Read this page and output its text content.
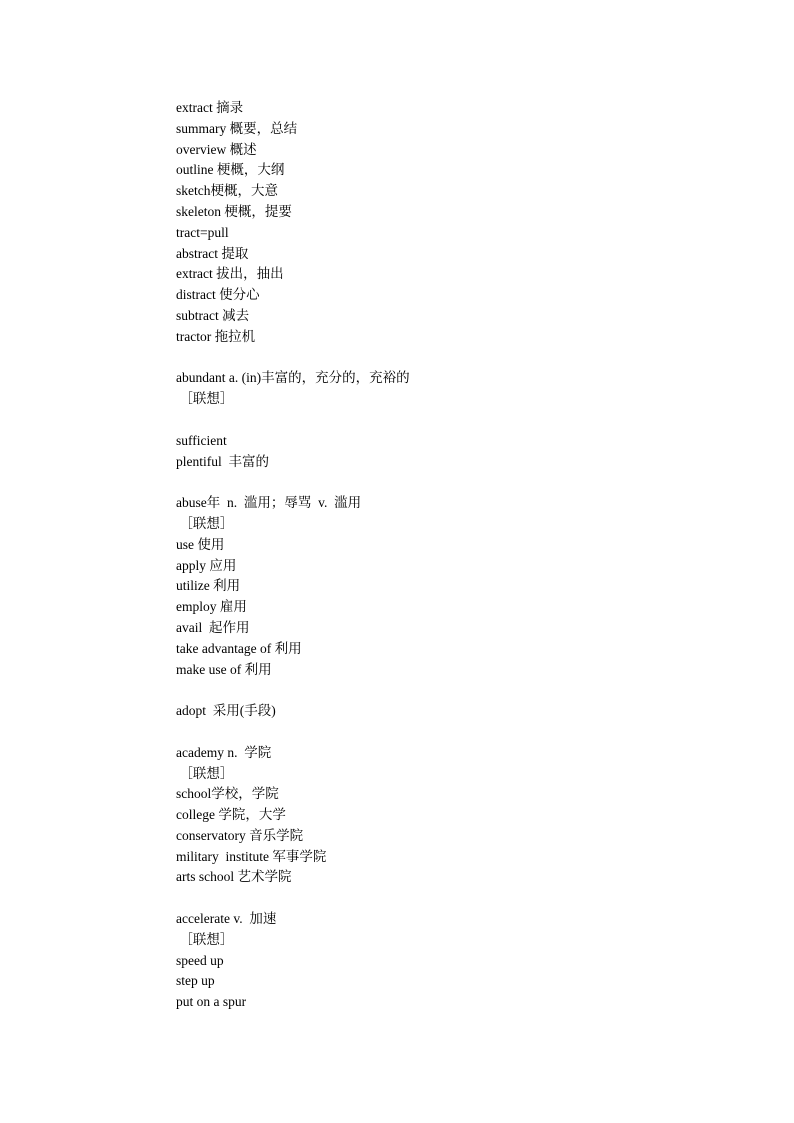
extract 摘录
summary 概要，总结
overview 概述
outline 梗概，大纲
sketch梗概，大意
skeleton 梗概，提要
tract=pull
abstract 提取
extract 拔出，抽出
distract 使分心
subtract 减去
tractor 拖拉机
abundant a. (in)丰富的，充分的，充裕的
［联想］
sufficient
plentiful  丰富的
abuse年  n.  滥用；辱骂  v.  滥用
［联想］
use 使用
apply 应用
utilize 利用
employ 雇用
avail  起作用
take advantage of 利用
make use of 利用
adopt  采用(手段)
academy n.  学院
［联想］
school学校，学院
college 学院，大学
conservatory 音乐学院
military  institute 军事学院
arts school 艺术学院
accelerate v.  加速
［联想］
speed up
step up
put on a spur
